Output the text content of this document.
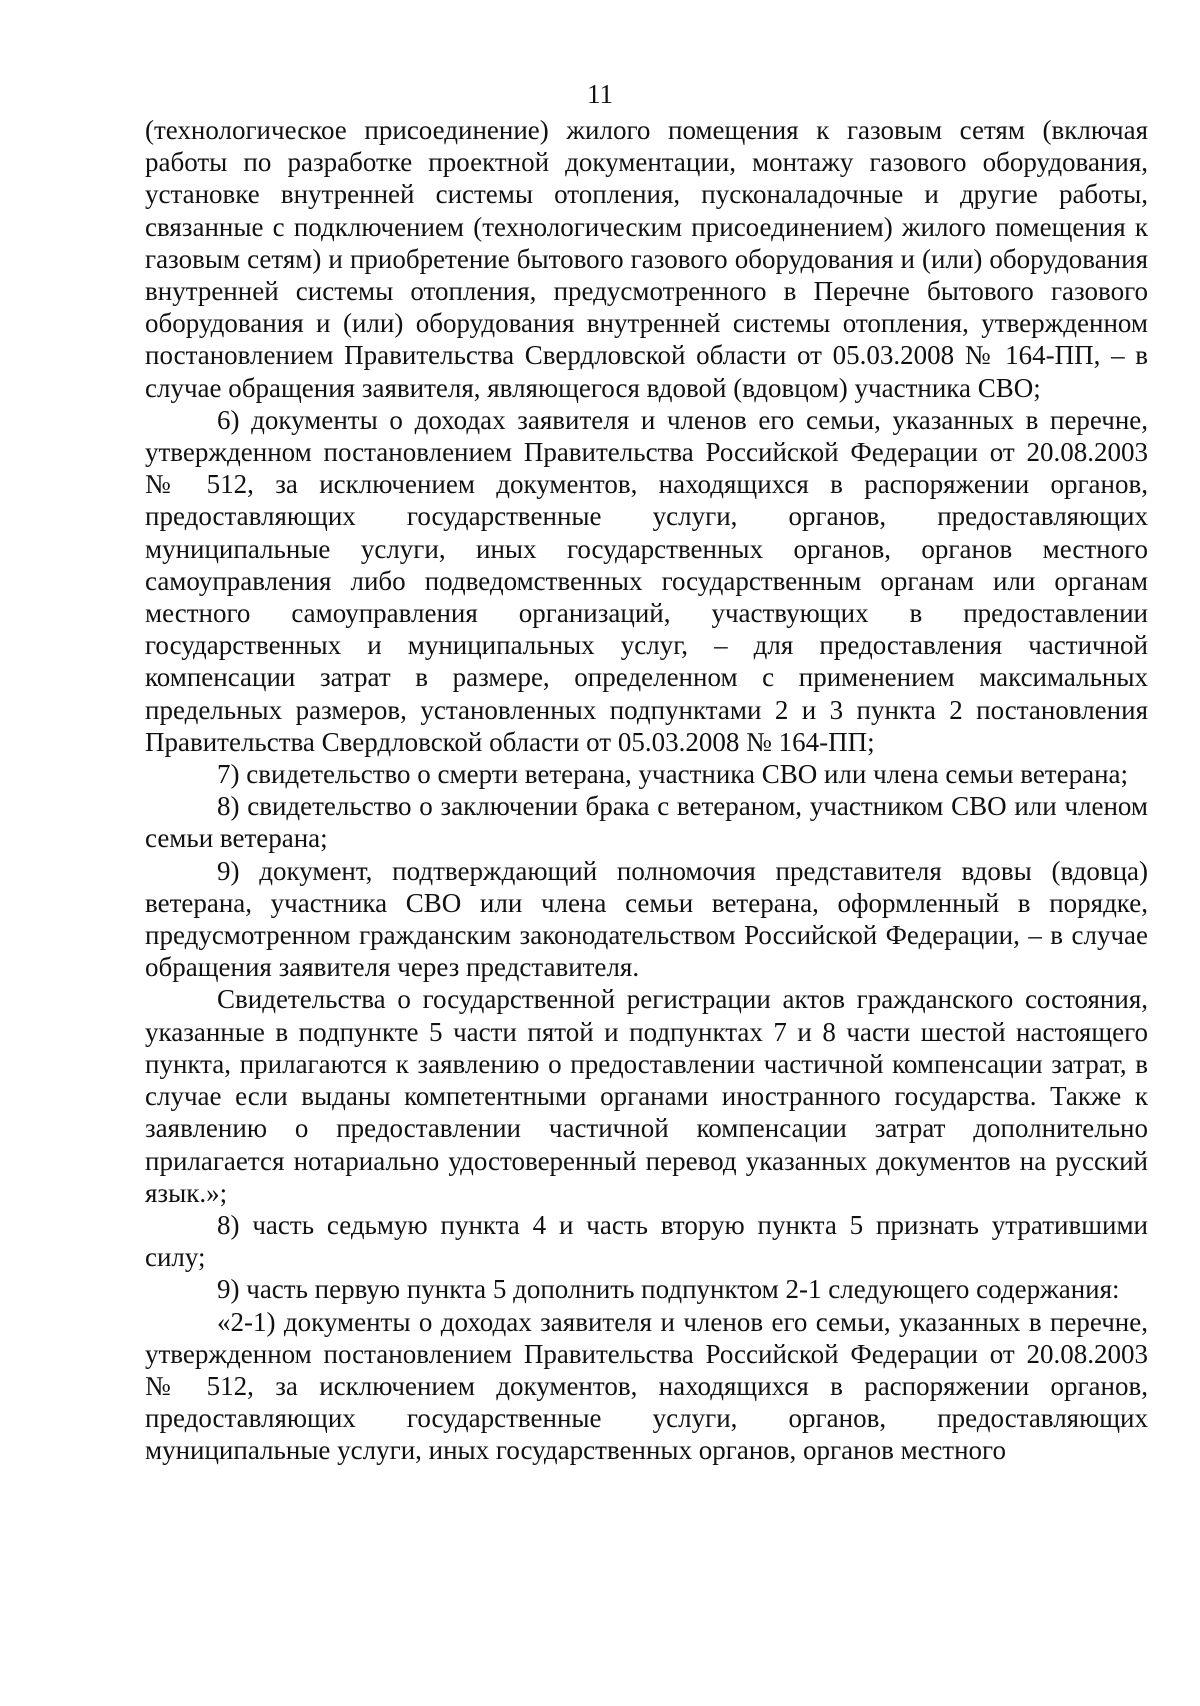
11

(технологическое присоединение) жилого помещения к газовым сетям (включая работы по разработке проектной документации, монтажу газового оборудования, установке внутренней системы отопления, пусконаладочные и другие работы, связанные с подключением (технологическим присоединением) жилого помещения к газовым сетям) и приобретение бытового газового оборудования и (или) оборудования внутренней системы отопления, предусмотренного в Перечне бытового газового оборудования и (или) оборудования внутренней системы отопления, утвержденном постановлением Правительства Свердловской области от 05.03.2008 № 164-ПП, – в случае обращения заявителя, являющегося вдовой (вдовцом) участника СВО;

6) документы о доходах заявителя и членов его семьи, указанных в перечне, утвержденном постановлением Правительства Российской Федерации от 20.08.2003 № 512, за исключением документов, находящихся в распоряжении органов, предоставляющих государственные услуги, органов, предоставляющих муниципальные услуги, иных государственных органов, органов местного самоуправления либо подведомственных государственным органам или органам местного самоуправления организаций, участвующих в предоставлении государственных и муниципальных услуг, – для предоставления частичной компенсации затрат в размере, определенном с применением максимальных предельных размеров, установленных подпунктами 2 и 3 пункта 2 постановления Правительства Свердловской области от 05.03.2008 № 164-ПП;

7) свидетельство о смерти ветерана, участника СВО или члена семьи ветерана;

8) свидетельство о заключении брака с ветераном, участником СВО или членом семьи ветерана;

9) документ, подтверждающий полномочия представителя вдовы (вдовца) ветерана, участника СВО или члена семьи ветерана, оформленный в порядке, предусмотренном гражданским законодательством Российской Федерации, – в случае обращения заявителя через представителя.

Свидетельства о государственной регистрации актов гражданского состояния, указанные в подпункте 5 части пятой и подпунктах 7 и 8 части шестой настоящего пункта, прилагаются к заявлению о предоставлении частичной компенсации затрат, в случае если выданы компетентными органами иностранного государства. Также к заявлению о предоставлении частичной компенсации затрат дополнительно прилагается нотариально удостоверенный перевод указанных документов на русский язык.»;

8) часть седьмую пункта 4 и часть вторую пункта 5 признать утратившими силу;

9) часть первую пункта 5 дополнить подпунктом 2-1 следующего содержания:

«2-1) документы о доходах заявителя и членов его семьи, указанных в перечне, утвержденном постановлением Правительства Российской Федерации от 20.08.2003 № 512, за исключением документов, находящихся в распоряжении органов, предоставляющих государственные услуги, органов, предоставляющих муниципальные услуги, иных государственных органов, органов местного
